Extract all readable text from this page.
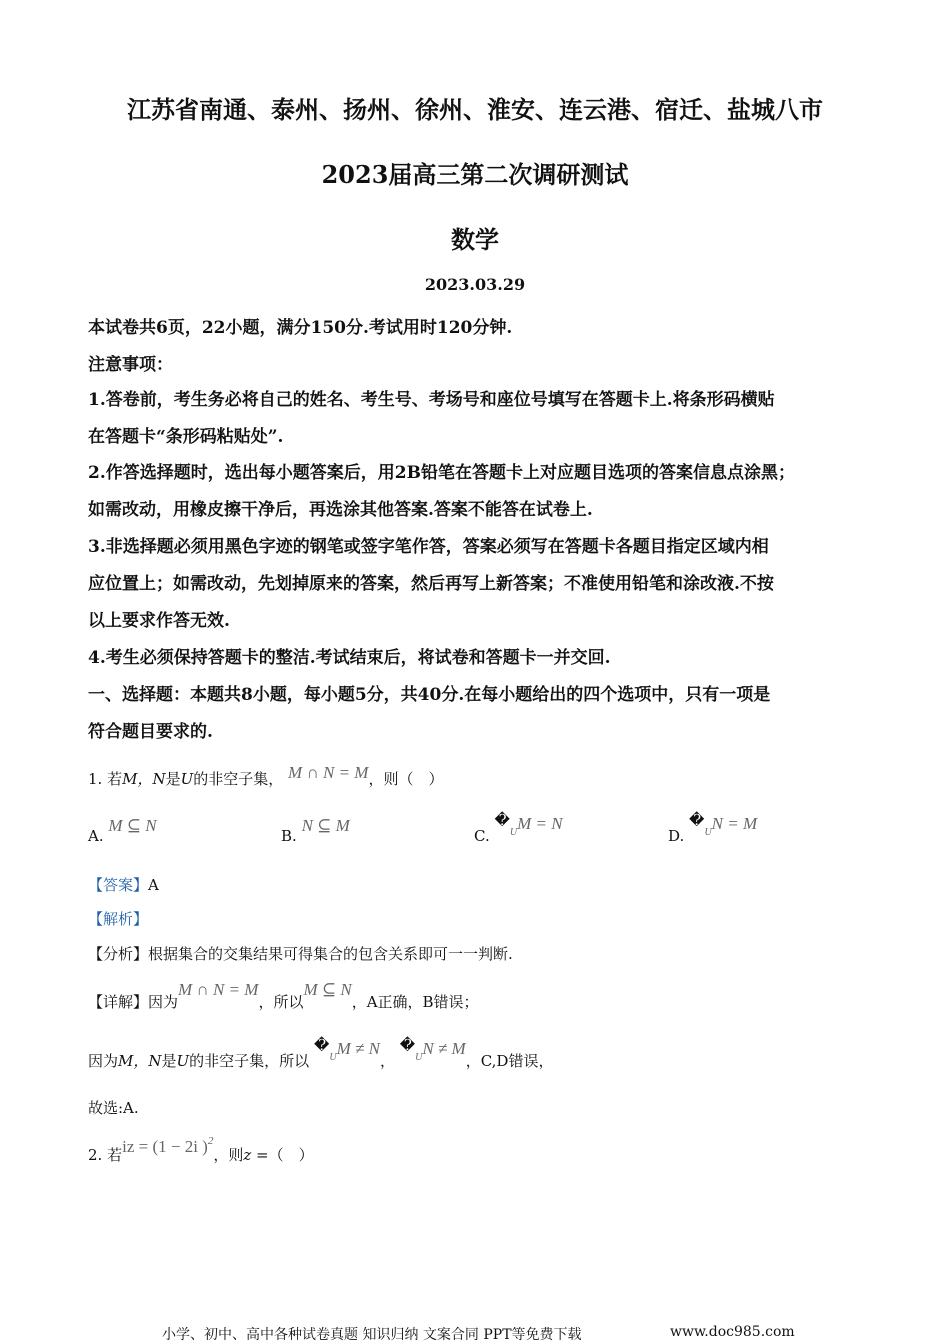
江苏省南通、泰州、扬州、徐州、淮安、连云港、宿迁、盐城八市
2023届高三第二次调研测试
数学
2023.03.29
本试卷共6页，22小题，满分150分.考试用时120分钟.
注意事项：
1.答卷前，考生务必将自己的姓名、考生号、考场号和座位号填写在答题卡上.将条形码横贴
在答题卡“条形码粘贴处”.
2.作答选择题时，选出每小题答案后，用2B铅笔在答题卡上对应题目选项的答案信息点涂黑；
如需改动，用橡皮擦干净后，再选涂其他答案.答案不能答在试卷上.
3.非选择题必须用黑色字迹的钢笔或签字笔作答，答案必须写在答题卡各题目指定区域内相
应位置上；如需改动，先划掉原来的答案，然后再写上新答案；不准使用铅笔和涂改液.不按
以上要求作答无效.
4.考生必须保持答题卡的整洁.考试结束后，将试卷和答题卡一并交回.
一、选择题：本题共8小题，每小题5分，共40分.在每小题给出的四个选项中，只有一项是
符合题目要求的.
1. 若M，N是U的非空子集， M ∩ N = M，则（　）
A. M ⊆ N
B. N ⊆ M
C. �$^U$M = N
D. �$^U$N = M
【答案】A
【解析】
【分析】根据集合的交集结果可得集合的包含关系即可一一判断.
【详解】因为M ∩ N = M，所以M ⊆ N，A正确，B错误；
因为M，N是U的非空子集，所以 �$^U$M ≠ N， �$^U$N ≠ M，C,D错误，
故选:A.
2. 若iz = (1 − 2i )$^2$，则z =（　）
小学、初中、高中各种试卷真题 知识归纳 文案合同 PPT等免费下载	www.doc985.com
